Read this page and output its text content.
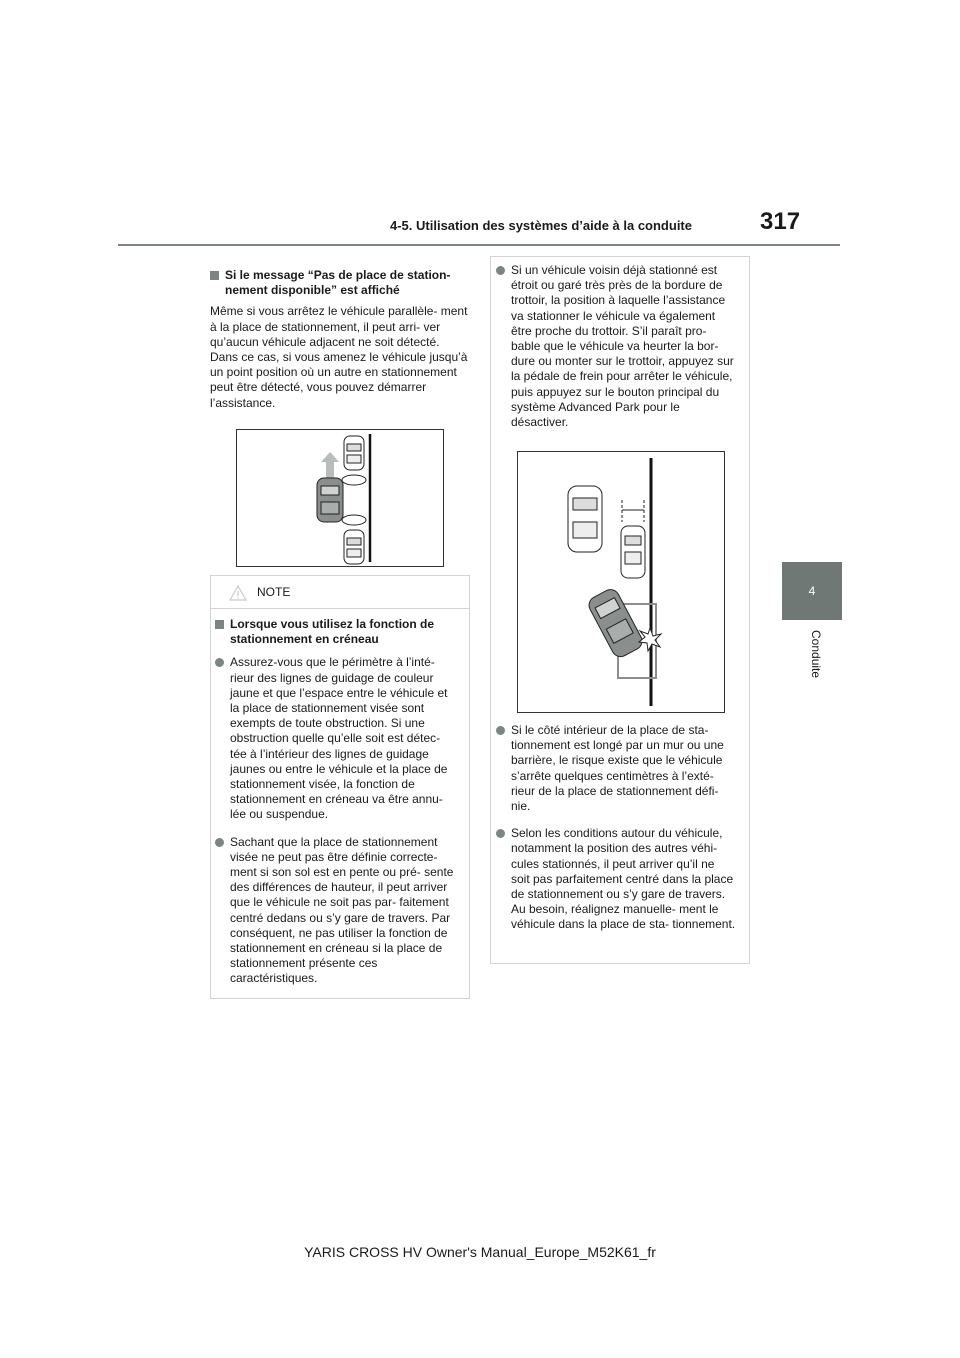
4-5. Utilisation des systèmes d’aide à la conduite	317
4
Conduite
Si le message “Pas de place de station- nement disponible” est affiché

Même si vous arrêtez le véhicule parallèle- ment à la place de stationnement, il peut arri- ver qu’aucun véhicule adjacent ne soit détecté. Dans ce cas, si vous amenez le véhicule jusqu’à un point position où un autre en stationnement peut être détecté, vous pouvez démarrer l’assistance.

NOTE
Lorsque vous utilisez la fonction de stationnement en créneau

Assurez-vous que le périmètre à l’inté- rieur des lignes de guidage de couleur jaune et que l’espace entre le véhicule et la place de stationnement visée sont exempts de toute obstruction. Si une obstruction quelle qu’elle soit est détec- tée à l’intérieur des lignes de guidage jaunes ou entre le véhicule et la place de stationnement visée, la fonction de stationnement en créneau va être annu- lée ou suspendue.

Sachant que la place de stationnement visée ne peut pas être définie correcte- ment si son sol est en pente ou pré- sente des différences de hauteur, il peut arriver que le véhicule ne soit pas par- faitement centré dedans ou s’y gare de travers. Par conséquent, ne pas utiliser la fonction de stationnement en créneau si la place de stationnement présente ces caractéristiques.

Si un véhicule voisin déjà stationné est étroit ou garé très près de la bordure de trottoir, la position à laquelle l’assistance va stationner le véhicule va également être proche du trottoir. S’il paraît pro- bable que le véhicule va heurter la bor- dure ou monter sur le trottoir, appuyez sur la pédale de frein pour arrêter le véhicule, puis appuyez sur le bouton principal du système Advanced Park pour le désactiver.

Si le côté intérieur de la place de sta- tionnement est longé par un mur ou une barrière, le risque existe que le véhicule s’arrête quelques centimètres à l’exté- rieur de la place de stationnement défi- nie.

Selon les conditions autour du véhicule, notamment la position des autres véhi- cules stationnés, il peut arriver qu’il ne soit pas parfaitement centré dans la place de stationnement ou s’y gare de travers. Au besoin, réalignez manuelle- ment le véhicule dans la place de sta- tionnement.

YARIS CROSS HV Owner's Manual_Europe_M52K61_fr
